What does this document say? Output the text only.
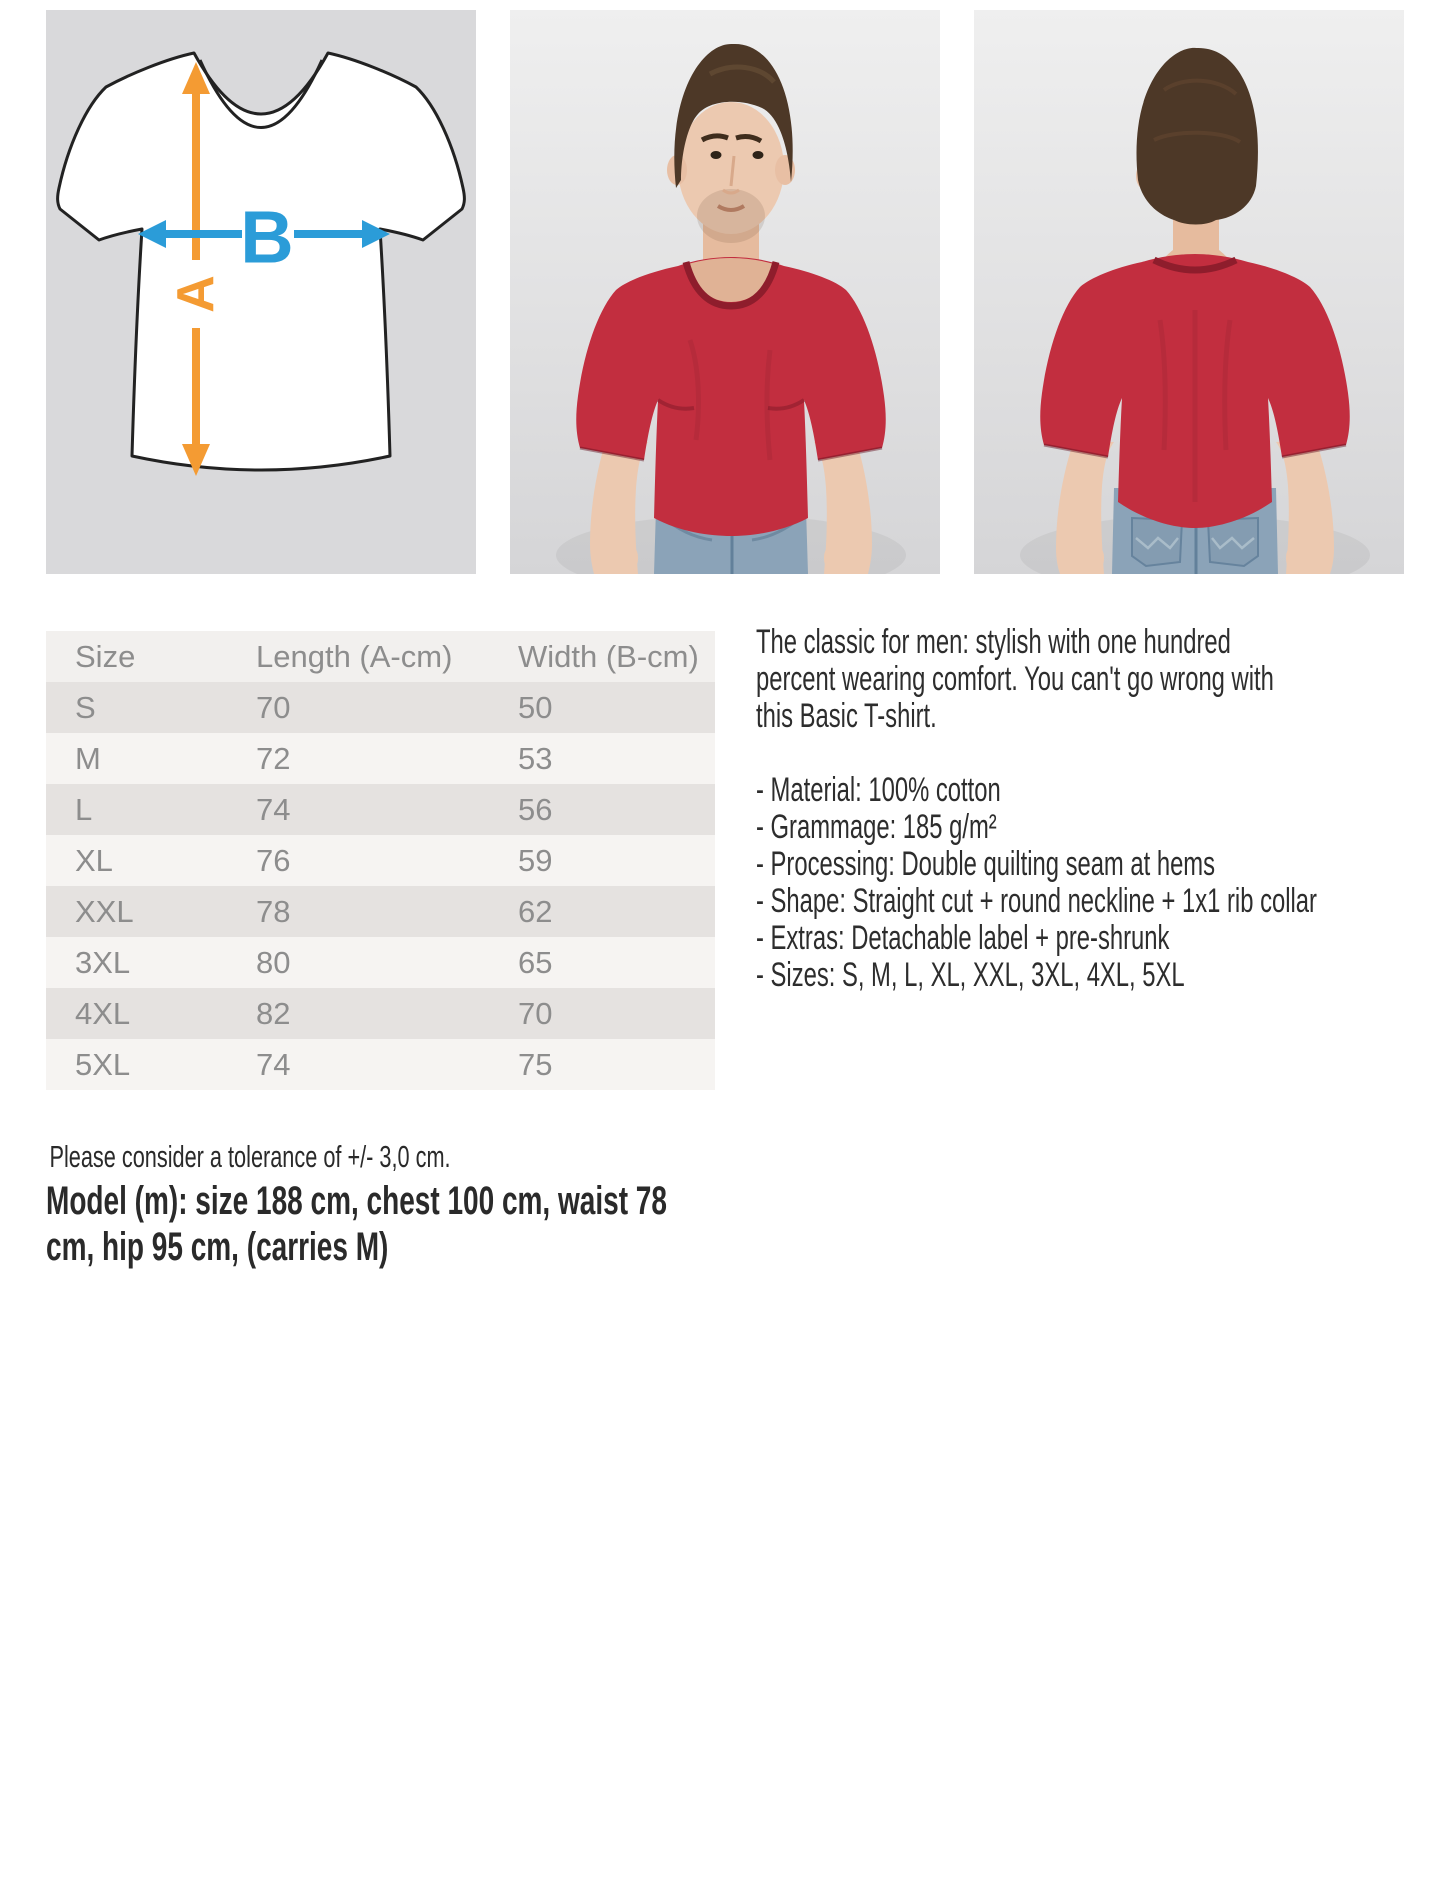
A
B
Size	Length (A-cm)	Width (B-cm)
S	70	50
M	72	53
L	74	56
XL	76	59
XXL	78	62
3XL	80	65
4XL	82	70
5XL	74	75
The classic for men: stylish with one hundred
percent wearing comfort. You can't go wrong with
this Basic T-shirt.
- Material: 100% cotton
- Grammage: 185 g/m²
- Processing: Double quilting seam at hems
- Shape: Straight cut + round neckline + 1x1 rib collar
- Extras: Detachable label + pre-shrunk
- Sizes: S, M, L, XL, XXL, 3XL, 4XL, 5XL
Please consider a tolerance of +/- 3,0 cm.
Model (m): size 188 cm, chest 100 cm, waist 78
cm, hip 95 cm, (carries M)
